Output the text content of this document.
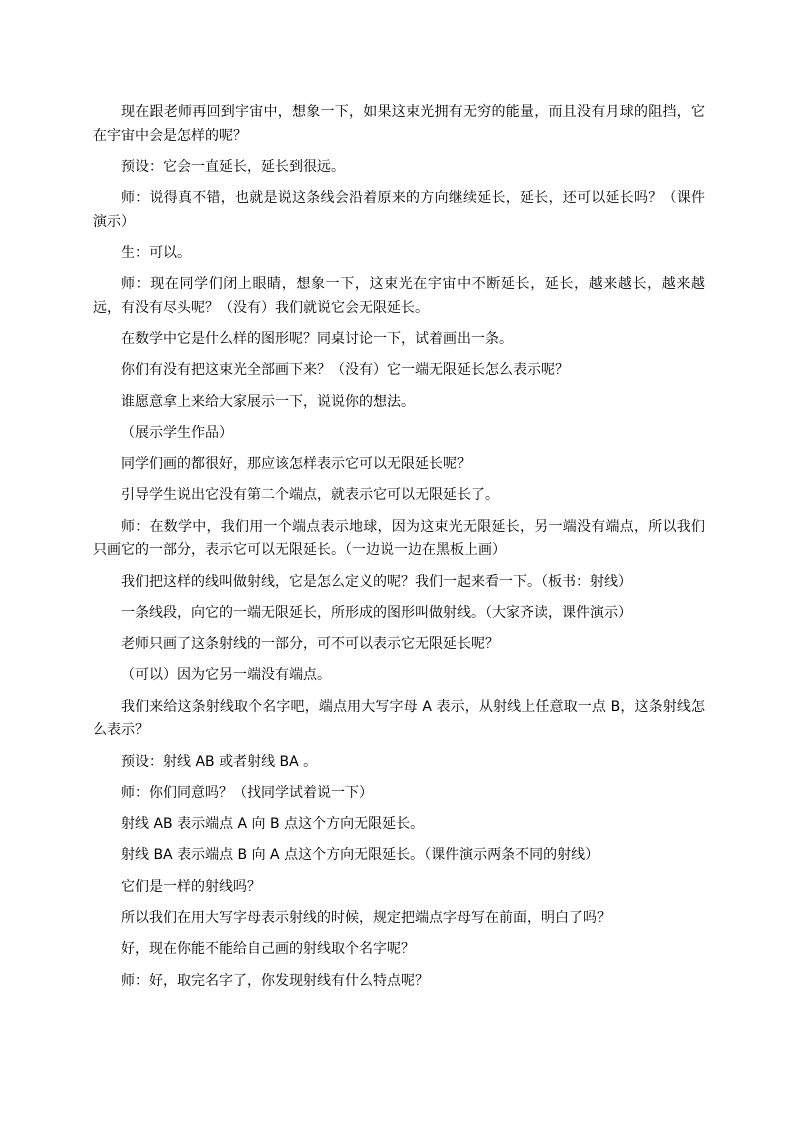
现在跟老师再回到宇宙中，想象一下，如果这束光拥有无穷的能量，而且没有月球的阻挡，它在宇宙中会是怎样的呢？

预设：它会一直延长，延长到很远。

师：说得真不错，也就是说这条线会沿着原来的方向继续延长，延长，还可以延长吗？（课件演示）

生：可以。

师：现在同学们闭上眼睛，想象一下，这束光在宇宙中不断延长，延长，越来越长，越来越远，有没有尽头呢？（没有）我们就说它会无限延长。

在数学中它是什么样的图形呢？同桌讨论一下，试着画出一条。

你们有没有把这束光全部画下来？（没有）它一端无限延长怎么表示呢？

谁愿意拿上来给大家展示一下，说说你的想法。

（展示学生作品）

同学们画的都很好，那应该怎样表示它可以无限延长呢？

引导学生说出它没有第二个端点，就表示它可以无限延长了。

师：在数学中，我们用一个端点表示地球，因为这束光无限延长，另一端没有端点，所以我们只画它的一部分，表示它可以无限延长。（一边说一边在黑板上画）

我们把这样的线叫做射线，它是怎么定义的呢？我们一起来看一下。（板书：射线）

一条线段，向它的一端无限延长，所形成的图形叫做射线。（大家齐读，课件演示）

老师只画了这条射线的一部分，可不可以表示它无限延长呢？

（可以）因为它另一端没有端点。

我们来给这条射线取个名字吧，端点用大写字母 A 表示，从射线上任意取一点 B，这条射线怎么表示？

预设：射线 AB 或者射线 BA 。

师：你们同意吗？（找同学试着说一下）

射线 AB 表示端点 A 向 B 点这个方向无限延长。

射线 BA 表示端点 B 向 A 点这个方向无限延长。（课件演示两条不同的射线）

它们是一样的射线吗？

所以我们在用大写字母表示射线的时候，规定把端点字母写在前面，明白了吗？

好，现在你能不能给自己画的射线取个名字呢？

师：好，取完名字了，你发现射线有什么特点呢？
